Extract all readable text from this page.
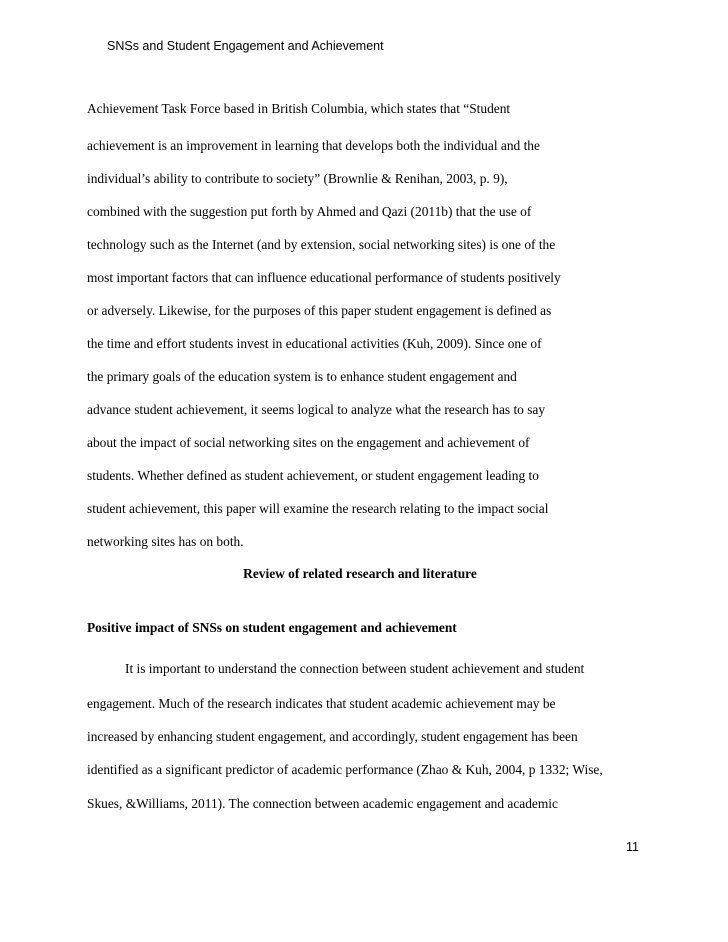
SNSs and Student Engagement and Achievement
Achievement Task Force based in British Columbia, which states that “Student
achievement is an improvement in learning that develops both the individual and the
individual’s ability to contribute to society” (Brownlie & Renihan, 2003, p. 9),
combined with the suggestion put forth by Ahmed and Qazi (2011b) that the use of
technology such as the Internet (and by extension, social networking sites) is one of the
most important factors that can influence educational performance of students positively
or adversely. Likewise, for the purposes of this paper student engagement is defined as
the time and effort students invest in educational activities (Kuh, 2009). Since one of
the primary goals of the education system is to enhance student engagement and
advance student achievement, it seems logical to analyze what the research has to say
about the impact of social networking sites on the engagement and achievement of
students. Whether defined as student achievement, or student engagement leading to
student achievement, this paper will examine the research relating to the impact social
networking sites has on both.
Review of related research and literature
Positive impact of SNSs on student engagement and achievement
It is important to understand the connection between student achievement and student
engagement. Much of the research indicates that student academic achievement may be
increased by enhancing student engagement, and accordingly, student engagement has been
identified as a significant predictor of academic performance (Zhao & Kuh, 2004, p 1332; Wise,
Skues, &Williams, 2011). The connection between academic engagement and academic
11
